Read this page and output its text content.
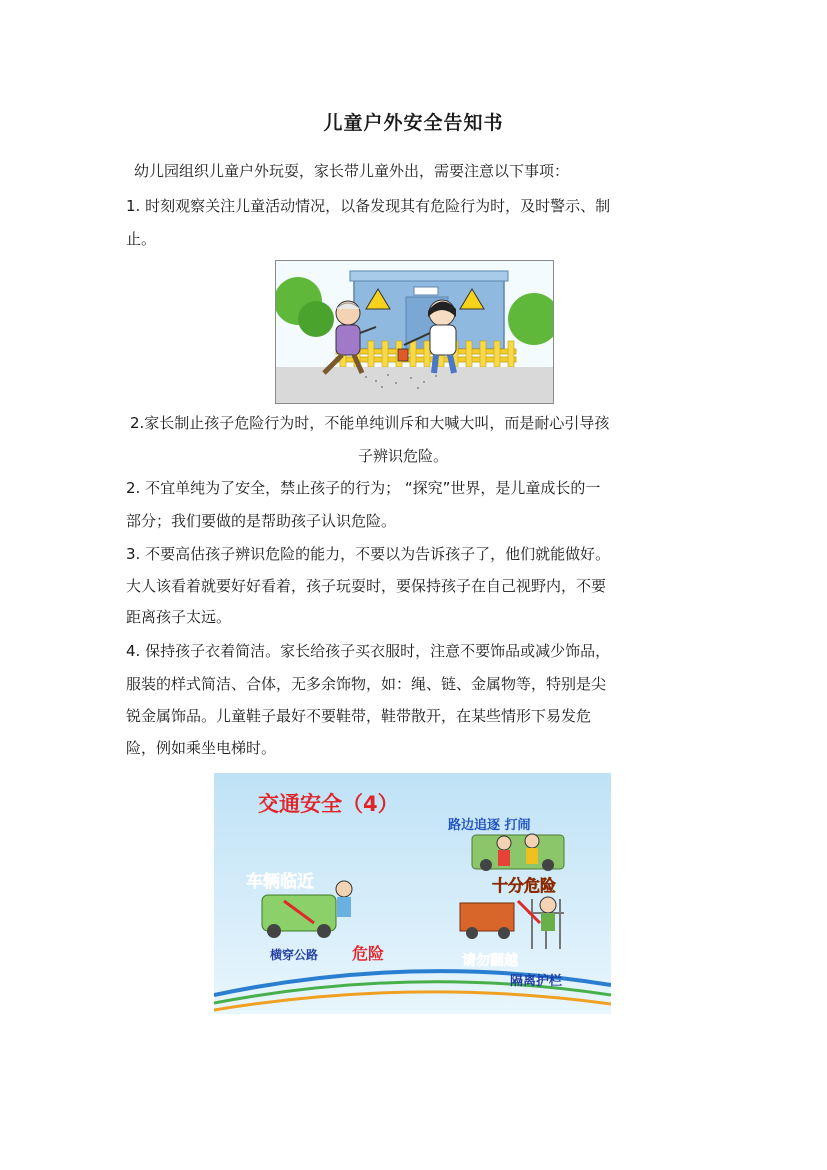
儿童户外安全告知书
幼儿园组织儿童户外玩耍，家长带儿童外出，需要注意以下事项：
1. 时刻观察关注儿童活动情况，以备发现其有危险行为时，及时警示、制
止。
2.家长制止孩子危险行为时，不能单纯训斥和大喊大叫，而是耐心引导孩
子辨识危险。
2. 不宜单纯为了安全，禁止孩子的行为； “探究”世界，是儿童成长的一
部分；我们要做的是帮助孩子认识危险。
3. 不要高估孩子辨识危险的能力，不要以为告诉孩子了，他们就能做好。
大人该看着就要好好看着，孩子玩耍时，要保持孩子在自己视野内，不要
距离孩子太远。
4. 保持孩子衣着简洁。家长给孩子买衣服时，注意不要饰品或减少饰品，
服装的样式简洁、合体，无多余饰物，如：绳、链、金属物等，特别是尖
锐金属饰品。儿童鞋子最好不要鞋带，鞋带散开，在某些情形下易发危
险，例如乘坐电梯时。
交通安全（4）
路边追逐 打闹
十分危险
车辆临近
横穿公路 危险	请勿翻越
隔离护栏
